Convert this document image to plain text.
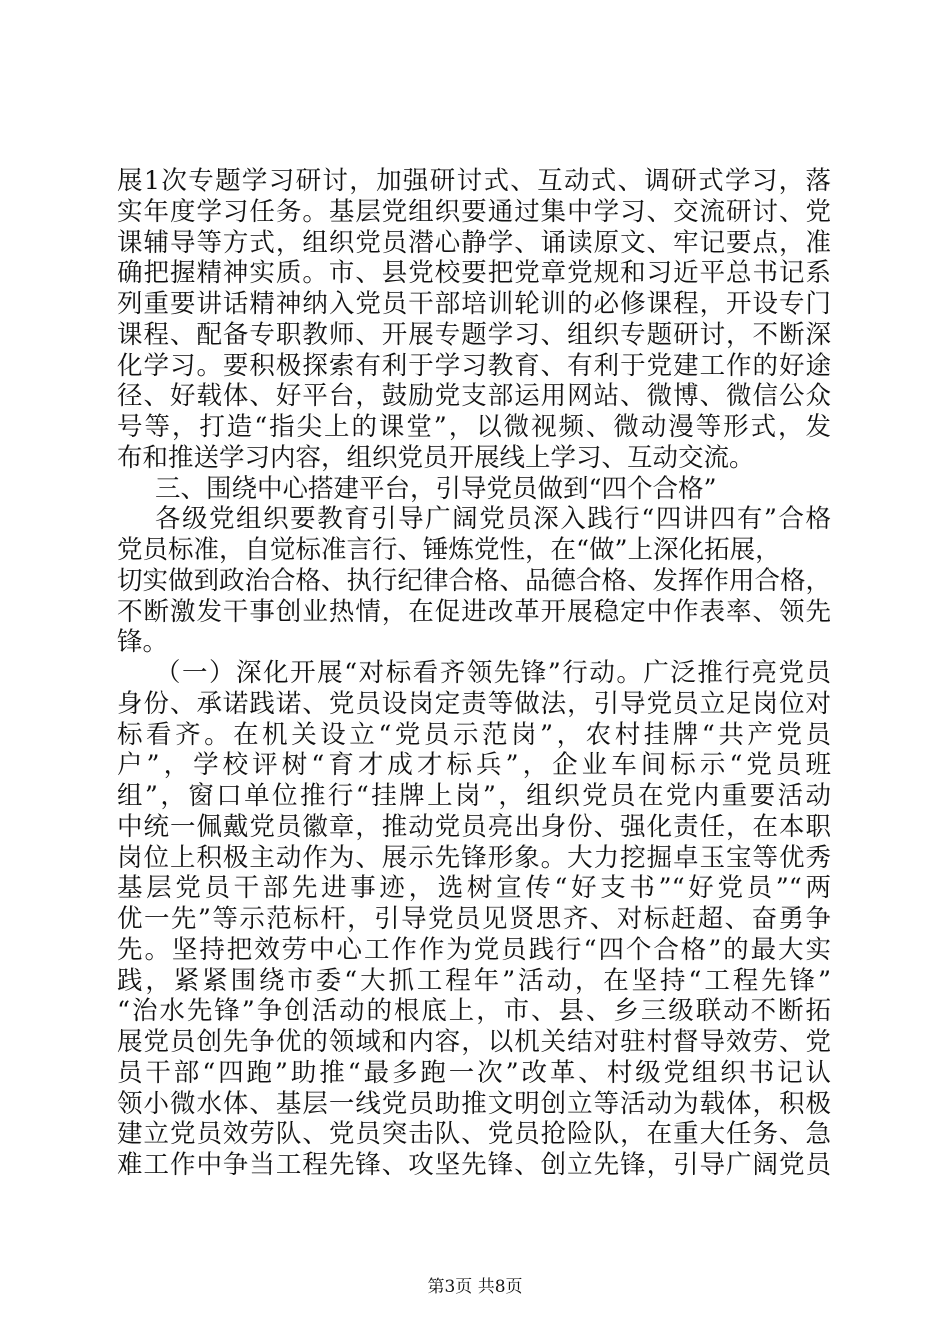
展1次专题学习研讨，加强研讨式、互动式、调研式学习，落
实年度学习任务。基层党组织要通过集中学习、交流研讨、党
课辅导等方式，组织党员潜心静学、诵读原文、牢记要点，准
确把握精神实质。市、县党校要把党章党规和习近平总书记系
列重要讲话精神纳入党员干部培训轮训的必修课程，开设专门
课程、配备专职教师、开展专题学习、组织专题研讨，不断深
化学习。要积极探索有利于学习教育、有利于党建工作的好途
径、好载体、好平台，鼓励党支部运用网站、微博、微信公众
号等，打造“指尖上的课堂”，以微视频、微动漫等形式，发
布和推送学习内容，组织党员开展线上学习、互动交流。
三、围绕中心搭建平台，引导党员做到“四个合格”
各级党组织要教育引导广阔党员深入践行“四讲四有”合格
党员标准，自觉标准言行、锤炼党性，在“做”上深化拓展，
切实做到政治合格、执行纪律合格、品德合格、发挥作用合格，
不断激发干事创业热情，在促进改革开展稳定中作表率、领先
锋。
（一）深化开展“对标看齐领先锋”行动。广泛推行亮党员
身份、承诺践诺、党员设岗定责等做法，引导党员立足岗位对
标看齐。在机关设立“党员示范岗”，农村挂牌“共产党员
户”，学校评树“育才成才标兵”，企业车间标示“党员班
组”，窗口单位推行“挂牌上岗”，组织党员在党内重要活动
中统一佩戴党员徽章，推动党员亮出身份、强化责任，在本职
岗位上积极主动作为、展示先锋形象。大力挖掘卓玉宝等优秀
基层党员干部先进事迹，选树宣传“好支书”“好党员”“两
优一先”等示范标杆，引导党员见贤思齐、对标赶超、奋勇争
先。坚持把效劳中心工作作为党员践行“四个合格”的最大实
践，紧紧围绕市委“大抓工程年”活动，在坚持“工程先锋”
“治水先锋”争创活动的根底上，市、县、乡三级联动不断拓
展党员创先争优的领域和内容，以机关结对驻村督导效劳、党
员干部“四跑”助推“最多跑一次”改革、村级党组织书记认
领小微水体、基层一线党员助推文明创立等活动为载体，积极
建立党员效劳队、党员突击队、党员抢险队，在重大任务、急
难工作中争当工程先锋、攻坚先锋、创立先锋，引导广阔党员
第3页 共8页
